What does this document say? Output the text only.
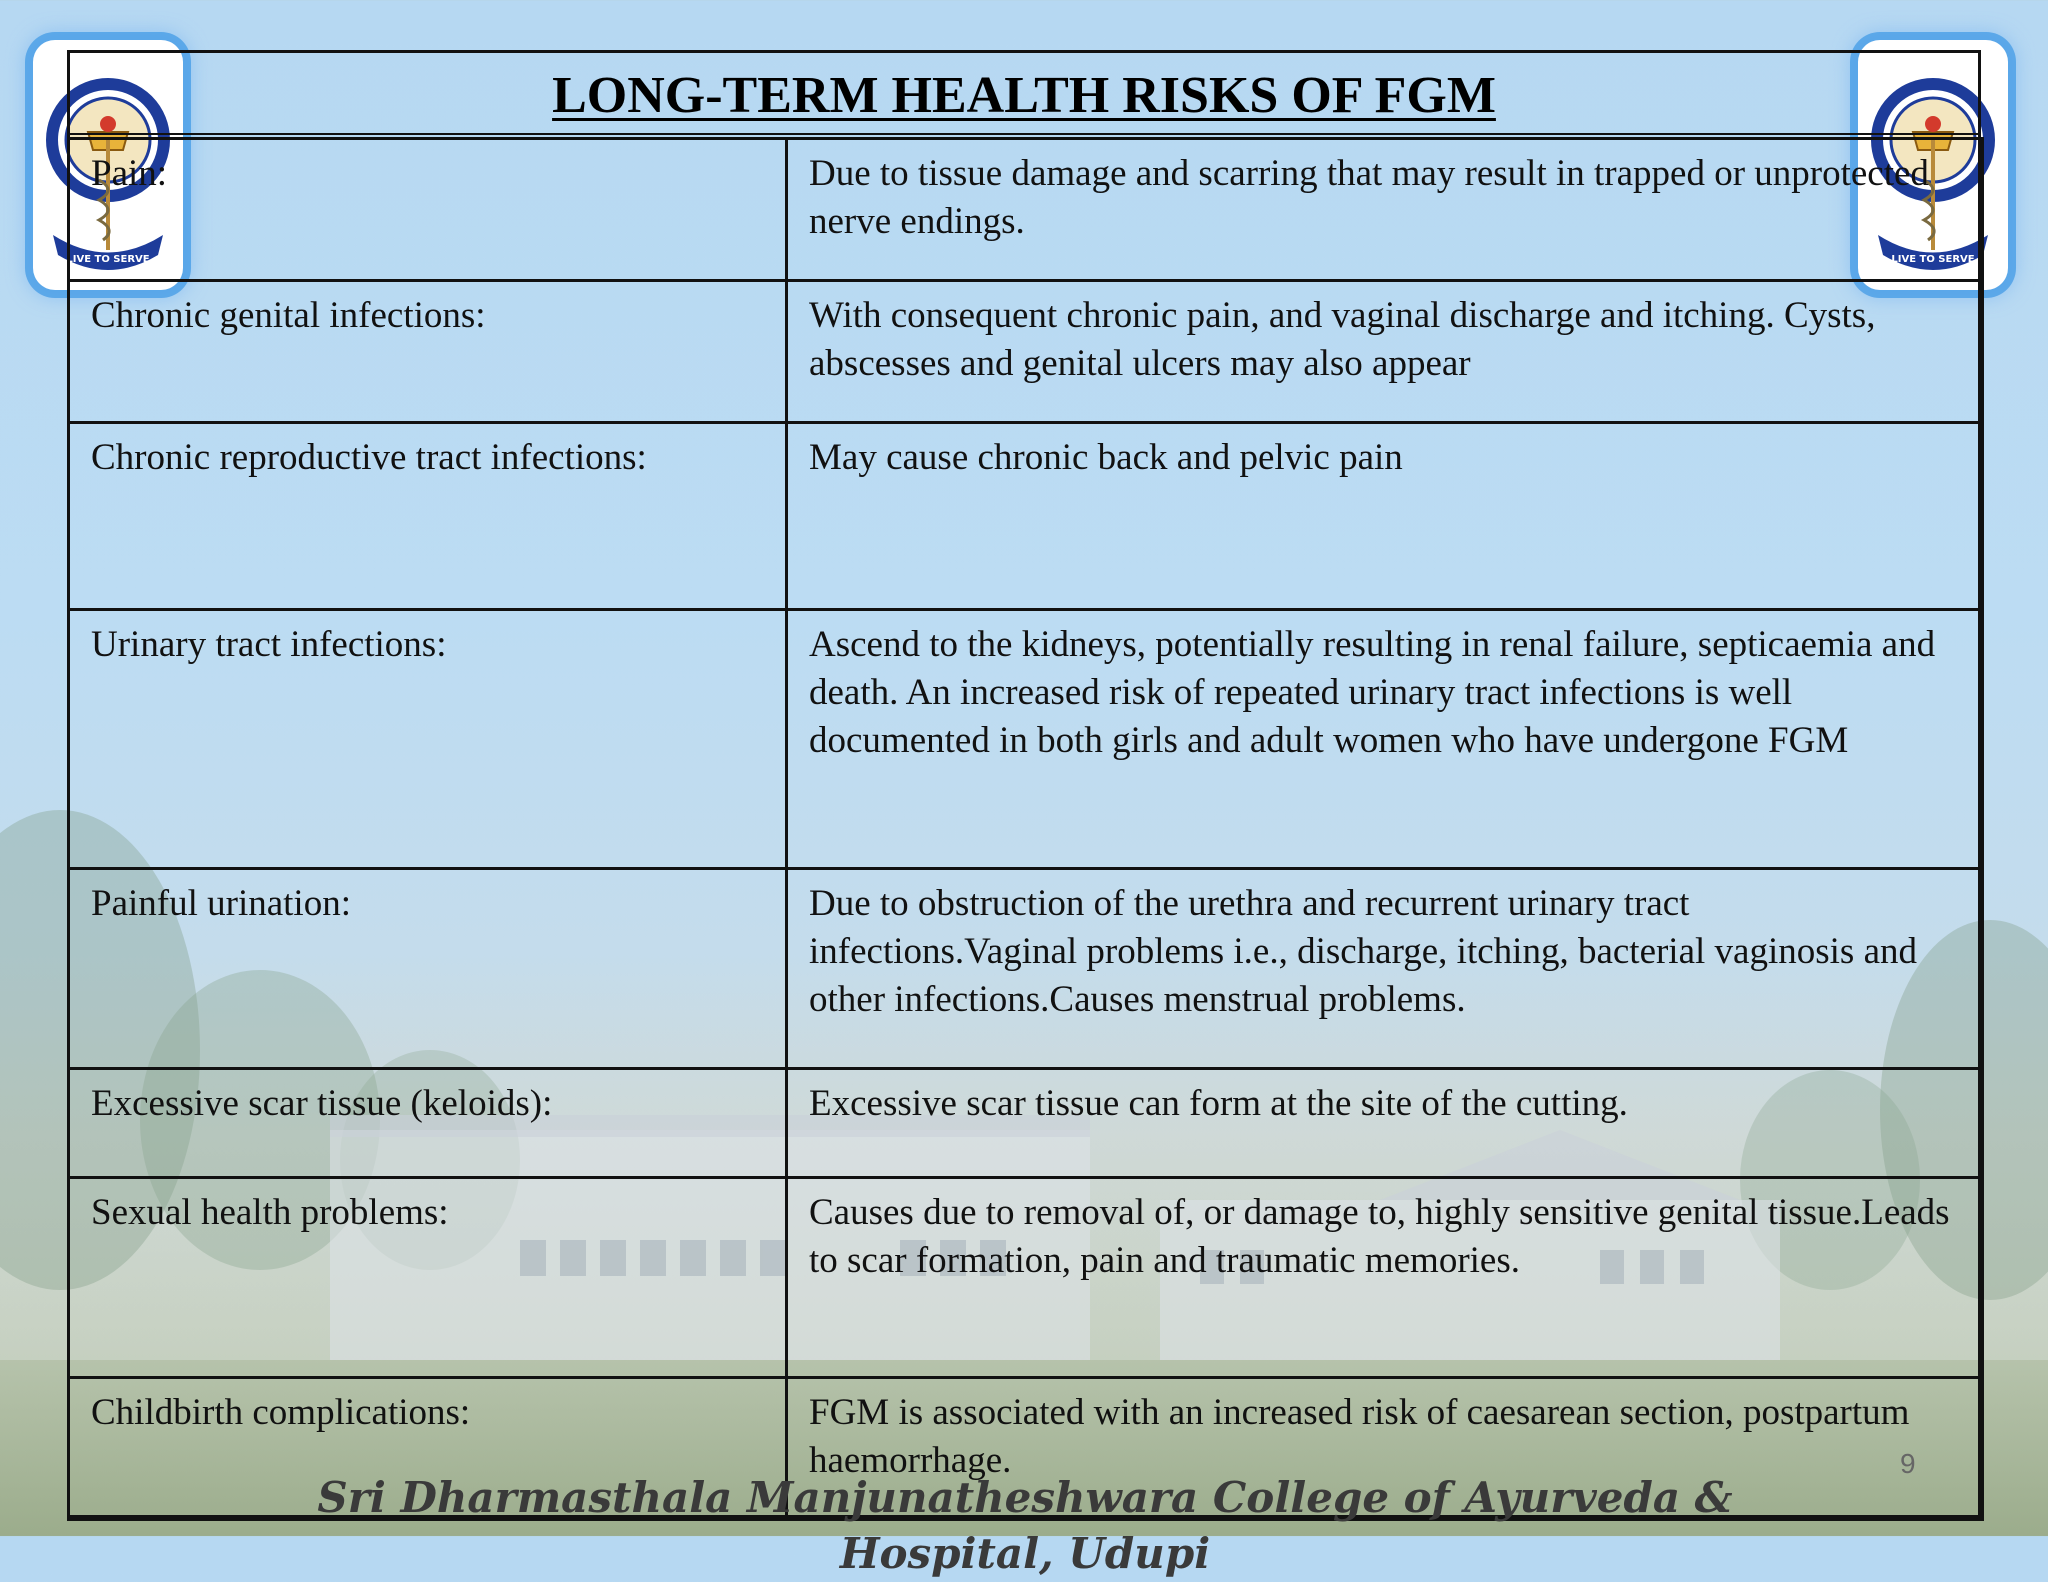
LIVE TO SERVE	LIVE TO SERVE
LONG-TERM HEALTH RISKS OF FGM
Pain:	Due to tissue damage and scarring that may result in trapped or unprotected nerve endings.
Chronic genital infections:	With consequent chronic pain, and vaginal discharge and itching. Cysts, abscesses and genital ulcers may also appear
Chronic reproductive tract infections:	May cause chronic back and pelvic pain
Urinary tract infections:	Ascend to the kidneys, potentially resulting in renal failure, septicaemia and death. An increased risk of repeated urinary tract infections is well documented in both girls and adult women who have undergone FGM
Painful urination:	Due to obstruction of the urethra and recurrent urinary tract infections.Vaginal problems i.e., discharge, itching, bacterial vaginosis and other infections.Causes menstrual problems.
Excessive scar tissue (keloids):	Excessive scar tissue can form at the site of the cutting.
Sexual health problems:	Causes due to removal of, or damage to, highly sensitive genital tissue.Leads to scar formation, pain and traumatic memories.
Childbirth complications:	FGM is associated with an increased risk of caesarean section, postpartum haemorrhage.	9

Sri Dharmasthala Manjunatheshwara College of Ayurveda & Hospital, Udupi
